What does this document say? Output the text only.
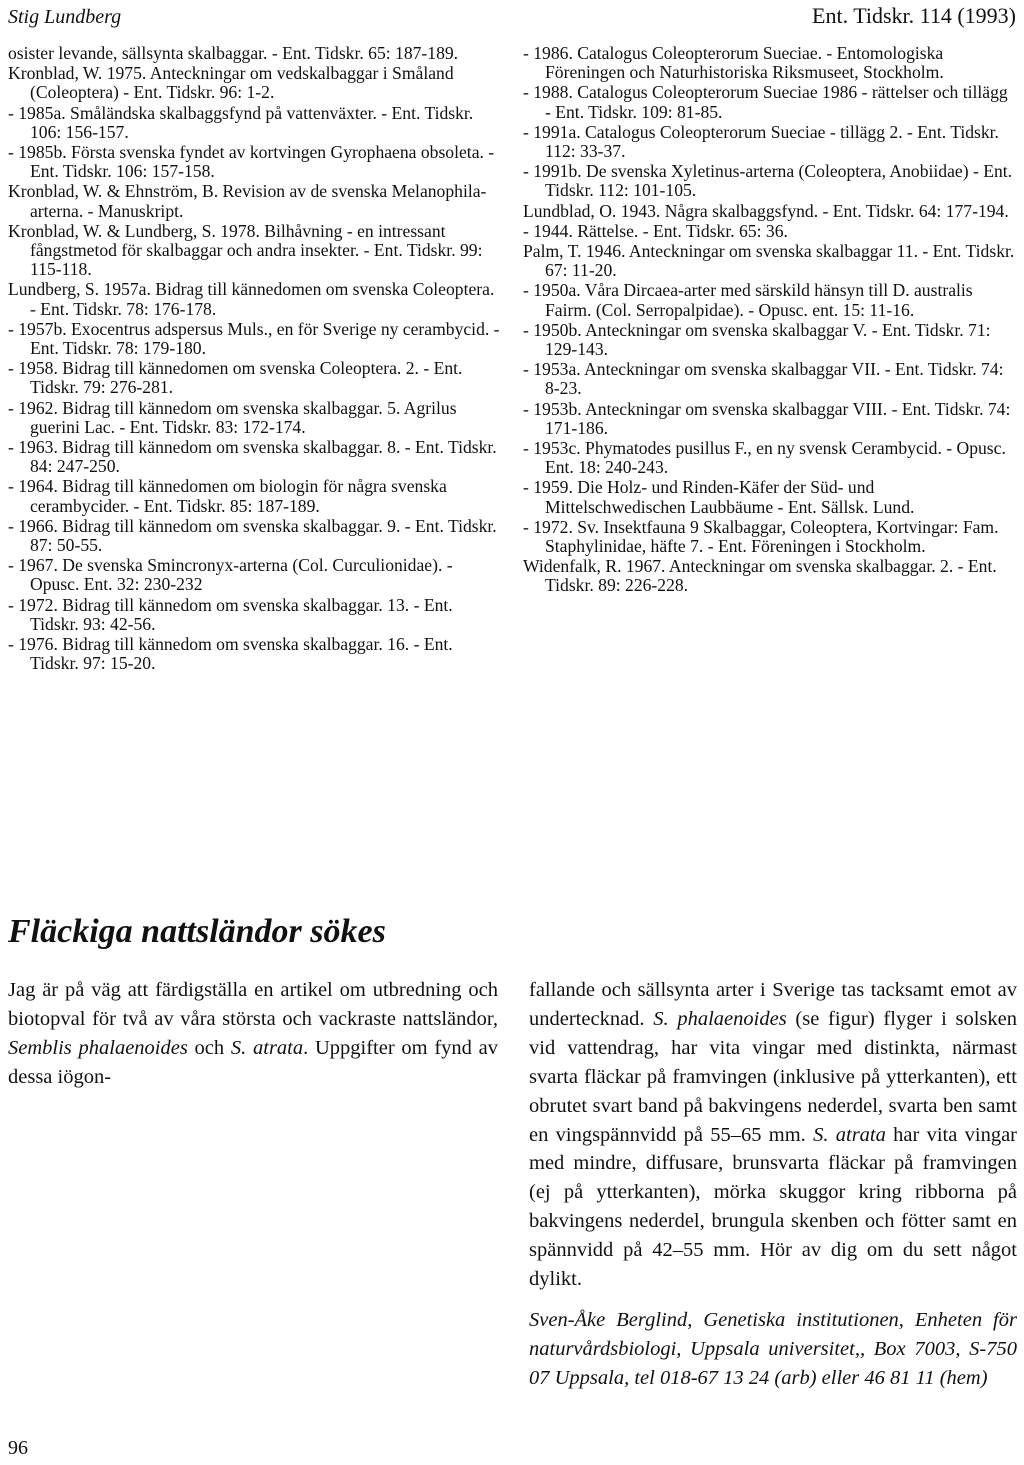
Stig Lundberg	Ent. Tidskr. 114 (1993)

osister levande, sällsynta skalbaggar. - Ent. Tidskr. 65: 187-189.

Kronblad, W. 1975. Anteckningar om vedskalbaggar i Småland (Coleoptera) - Ent. Tidskr. 96: 1-2.

- 1985a. Småländska skalbaggsfynd på vattenväxter. - Ent. Tidskr. 106: 156-157.

- 1985b. Första svenska fyndet av kortvingen Gyrophaena obsoleta. - Ent. Tidskr. 106: 157-158.

Kronblad, W. & Ehnström, B. Revision av de svenska Melanophila-arterna. - Manuskript.

Kronblad, W. & Lundberg, S. 1978. Bilhåvning - en intressant fångstmetod för skalbaggar och andra insekter. - Ent. Tidskr. 99: 115-118.

Lundberg, S. 1957a. Bidrag till kännedomen om svenska Coleoptera. - Ent. Tidskr. 78: 176-178.

- 1957b. Exocentrus adspersus Muls., en för Sverige ny cerambycid. - Ent. Tidskr. 78: 179-180.

- 1958. Bidrag till kännedomen om svenska Coleoptera. 2. - Ent. Tidskr. 79: 276-281.

- 1962. Bidrag till kännedom om svenska skalbaggar. 5. Agrilus guerini Lac. - Ent. Tidskr. 83: 172-174.

- 1963. Bidrag till kännedom om svenska skalbaggar. 8. - Ent. Tidskr. 84: 247-250.

- 1964. Bidrag till kännedomen om biologin för några svenska cerambycider. - Ent. Tidskr. 85: 187-189.

- 1966. Bidrag till kännedom om svenska skalbaggar. 9. - Ent. Tidskr. 87: 50-55.

- 1967. De svenska Smincronyx-arterna (Col. Curculionidae). - Opusc. Ent. 32: 230-232

- 1972. Bidrag till kännedom om svenska skalbaggar. 13. - Ent. Tidskr. 93: 42-56.

- 1976. Bidrag till kännedom om svenska skalbaggar. 16. - Ent. Tidskr. 97: 15-20.

- 1986. Catalogus Coleopterorum Sueciae. - Entomologiska Föreningen och Naturhistoriska Riksmuseet, Stockholm.

- 1988. Catalogus Coleopterorum Sueciae 1986 - rättelser och tillägg - Ent. Tidskr. 109: 81-85.

- 1991a. Catalogus Coleopterorum Sueciae - tillägg 2. - Ent. Tidskr. 112: 33-37.

- 1991b. De svenska Xyletinus-arterna (Coleoptera, Anobiidae) - Ent. Tidskr. 112: 101-105.

Lundblad, O. 1943. Några skalbaggsfynd. - Ent. Tidskr. 64: 177-194.

- 1944. Rättelse. - Ent. Tidskr. 65: 36.

Palm, T. 1946. Anteckningar om svenska skalbaggar 11. - Ent. Tidskr. 67: 11-20.

- 1950a. Våra Dircaea-arter med särskild hänsyn till D. australis Fairm. (Col. Serropalpidae). - Opusc. ent. 15: 11-16.

- 1950b. Anteckningar om svenska skalbaggar V. - Ent. Tidskr. 71: 129-143.

- 1953a. Anteckningar om svenska skalbaggar VII. - Ent. Tidskr. 74: 8-23.

- 1953b. Anteckningar om svenska skalbaggar VIII. - Ent. Tidskr. 74: 171-186.

- 1953c. Phymatodes pusillus F., en ny svensk Cerambycid. - Opusc. Ent. 18: 240-243.

- 1959. Die Holz- und Rinden-Käfer der Süd- und Mittelschwedischen Laubbäume - Ent. Sällsk. Lund.

- 1972. Sv. Insektfauna 9 Skalbaggar, Coleoptera, Kortvingar: Fam. Staphylinidae, häfte 7. - Ent. Föreningen i Stockholm.

Widenfalk, R. 1967. Anteckningar om svenska skalbaggar. 2. - Ent. Tidskr. 89: 226-228.

Fläckiga nattsländor sökes

Jag är på väg att färdigställa en artikel om utbredning och biotopval för två av våra största och vackraste nattsländor, Semblis phalaenoides och S. atrata. Uppgifter om fynd av dessa iögon-

fallande och sällsynta arter i Sverige tas tacksamt emot av undertecknad. S. phalaenoides (se figur) flyger i solsken vid vattendrag, har vita vingar med distinkta, närmast svarta fläckar på framvingen (inklusive på ytterkanten), ett obrutet svart band på bakvingens nederdel, svarta ben samt en vingspännvidd på 55–65 mm. S. atrata har vita vingar med mindre, diffusare, brunsvarta fläckar på framvingen (ej på ytterkanten), mörka skuggor kring ribborna på bakvingens nederdel, brungula skenben och fötter samt en spännvidd på 42–55 mm. Hör av dig om du sett något dylikt.

Sven-Åke Berglind, Genetiska institutionen, Enheten för naturvårdsbiologi, Uppsala universitet,, Box 7003, S-750 07 Uppsala, tel 018-67 13 24 (arb) eller 46 81 11 (hem)

96
